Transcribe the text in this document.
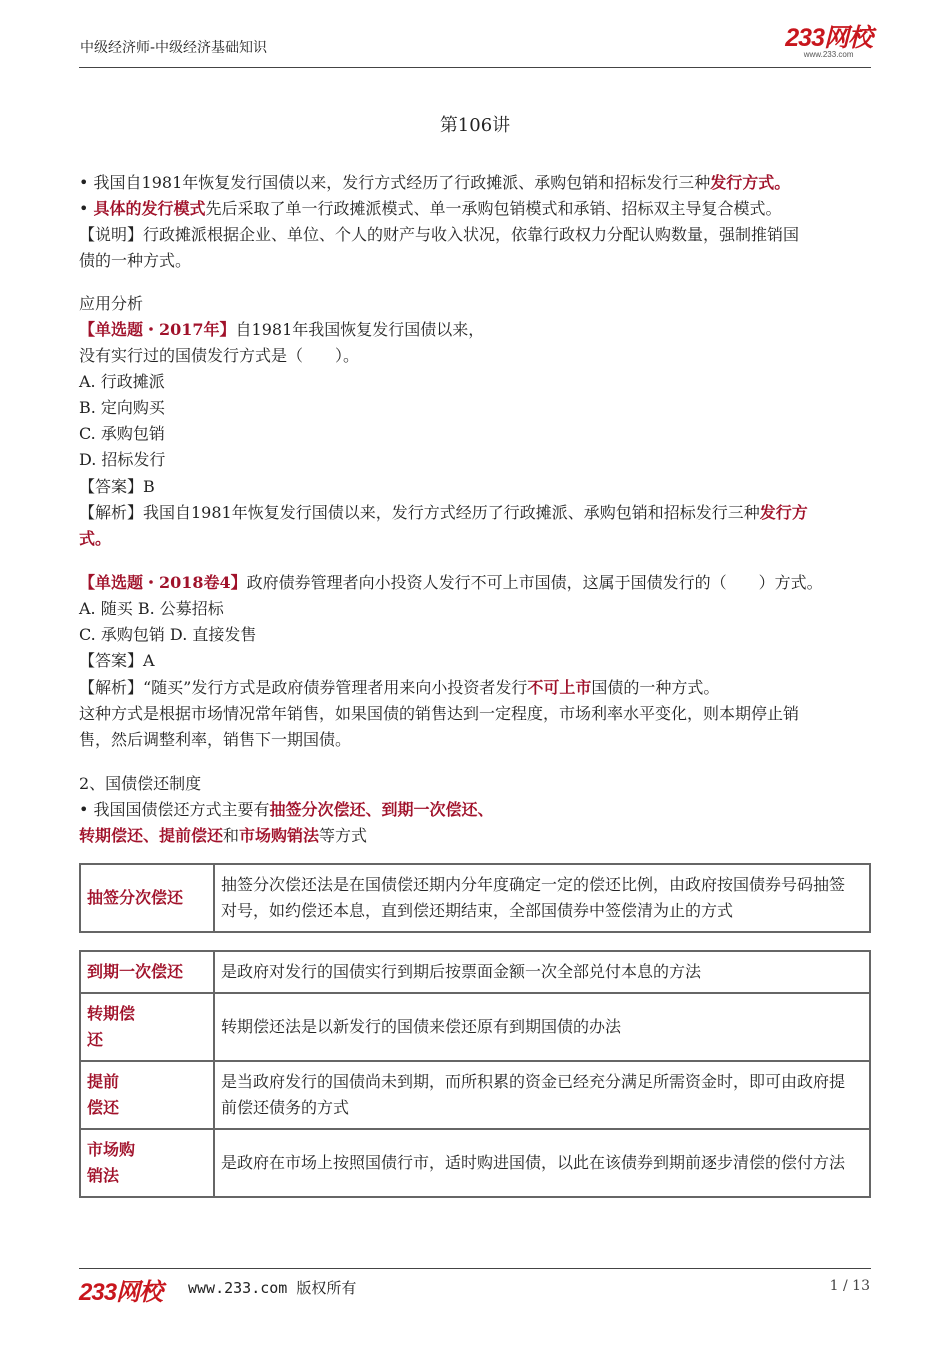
中级经济师-中级经济基础知识	233网校
www.233.com
第106讲
• 我国自1981年恢复发行国债以来，发行方式经历了行政摊派、承购包销和招标发行三种发行方式。
• 具体的发行模式先后采取了单一行政摊派模式、单一承购包销模式和承销、招标双主导复合模式。
【说明】行政摊派根据企业、单位、个人的财产与收入状况，依靠行政权力分配认购数量，强制推销国
债的一种方式。
应用分析
【单选题・2017年】自1981年我国恢复发行国债以来，
没有实行过的国债发行方式是（　　）。
A. 行政摊派
B. 定向购买
C. 承购包销
D. 招标发行
【答案】B
【解析】我国自1981年恢复发行国债以来，发行方式经历了行政摊派、承购包销和招标发行三种发行方
式。
【单选题・2018卷4】政府债券管理者向小投资人发行不可上市国债，这属于国债发行的（　　）方式。
A. 随买 B. 公募招标
C. 承购包销 D. 直接发售
【答案】A
【解析】“随买”发行方式是政府债券管理者用来向小投资者发行不可上市国债的一种方式。
这种方式是根据市场情况常年销售，如果国债的销售达到一定程度，市场利率水平变化，则本期停止销
售，然后调整利率，销售下一期国债。
2、国债偿还制度
• 我国国债偿还方式主要有抽签分次偿还、到期一次偿还、
转期偿还、提前偿还和市场购销法等方式
抽签分次偿还	抽签分次偿还法是在国债偿还期内分年度确定一定的偿还比例，由政府按国债券号码抽签对号，如约偿还本息，直到偿还期结束，全部国债券中签偿清为止的方式
到期一次偿还	是政府对发行的国债实行到期后按票面金额一次全部兑付本息的方法

转期偿还	转期偿还法是以新发行的国债来偿还原有到期国债的办法

提前偿还	是当政府发行的国债尚未到期，而所积累的资金已经充分满足所需资金时，即可由政府提前偿还债务的方式

市场购销法	是政府在市场上按照国债行市，适时购进国债，以此在该债券到期前逐步清偿的偿付方法
233网校 www.233.com 版权所有	1 / 13
